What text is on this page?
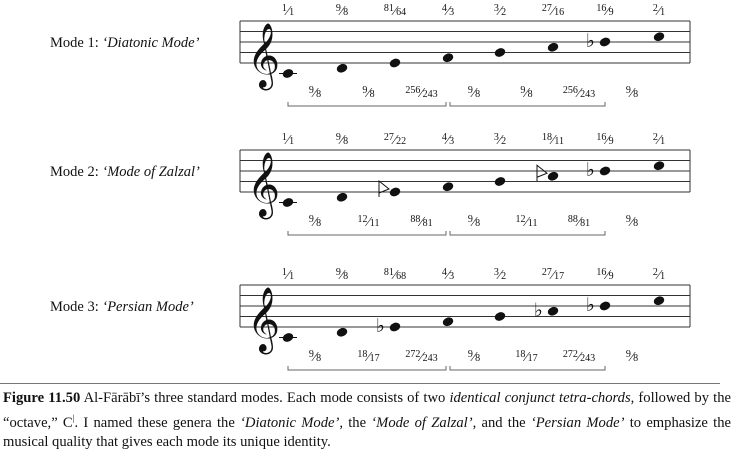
Mode 1: ‘Diatonic Mode’ 𝄞
$^1$⁄1	$^9$⁄8	$^{81}$⁄64	$^4$⁄3	$^3$⁄2	$^{27}$⁄16	$^{16}$⁄9	$^2$⁄1
♭
$^9$⁄8	$^9$⁄8	$^{256}$⁄243	$^9$⁄8	$^9$⁄8	$^{256}$⁄243	$^9$⁄8
Mode 2: ‘Mode of Zalzal’ 𝄞
$^1$⁄1	$^9$⁄8	$^{27}$⁄22	$^4$⁄3	$^3$⁄2	$^{18}$⁄11	$^{16}$⁄9	$^2$⁄1
♭
$^9$⁄8	$^{12}$⁄11	$^{88}$⁄81	$^9$⁄8	$^{12}$⁄11	$^{88}$⁄81	$^9$⁄8
Mode 3: ‘Persian Mode’ 𝄞
$^1$⁄1	$^9$⁄8	$^{81}$⁄68	$^4$⁄3	$^3$⁄2	$^{27}$⁄17	$^{16}$⁄9	$^2$⁄1
♭
♭ ♭
$^9$⁄8	$^{18}$⁄17	$^{272}$⁄243	$^9$⁄8	$^{18}$⁄17	$^{272}$⁄243	$^9$⁄8
Figure 11.50 Al-Fārābī’s three standard modes. Each mode consists of two identical conjunct tetra-chords, followed by the “octave,” C|. I named these genera the ‘Diatonic Mode’, the ‘Mode of Zalzal’, and the ‘Persian Mode’ to emphasize the musical quality that gives each mode its unique identity.
